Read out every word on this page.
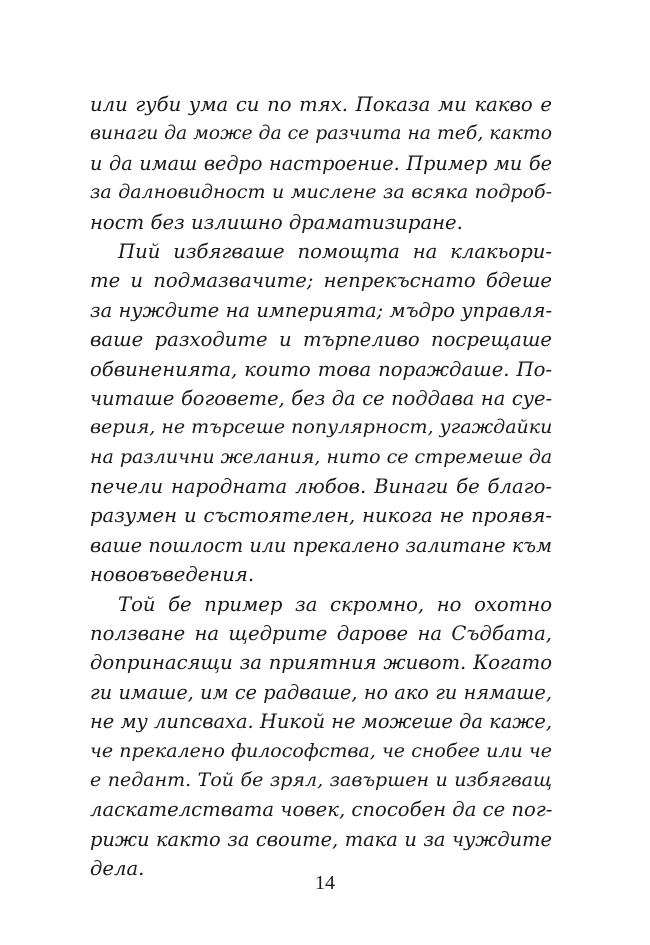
или губи ума си по тях. Показа ми какво е
винаги да може да се разчита на теб, както
и да имаш ведро настроение. Пример ми бе
за далновидност и мислене за всяка подроб-
ност без излишно драматизиране.
Пий избягваше помощта на клакьори-
те и подмазвачите; непрекъснато бдеше
за нуждите на империята; мъдро управля-
ваше разходите и търпеливо посрещаше
обвиненията, които това пораждаше. По-
читаше боговете, без да се поддава на суе-
верия, не търсеше популярност, угаждайки
на различни желания, нито се стремеше да
печели народната любов. Винаги бе благо-
разумен и състоятелен, никога не проявя-
ваше пошлост или прекалено залитане към
нововъведения.
Той бе пример за скромно, но охотно
ползване на щедрите дарове на Съдбата,
допринасящи за приятния живот. Когато
ги имаше, им се радваше, но ако ги нямаше,
не му липсваха. Никой не можеше да каже,
че прекалено философства, че снобее или че
е педант. Той бе зрял, завършен и избягващ
ласкателствата човек, способен да се пог-
рижи както за своите, така и за чуждите
дела.
14
